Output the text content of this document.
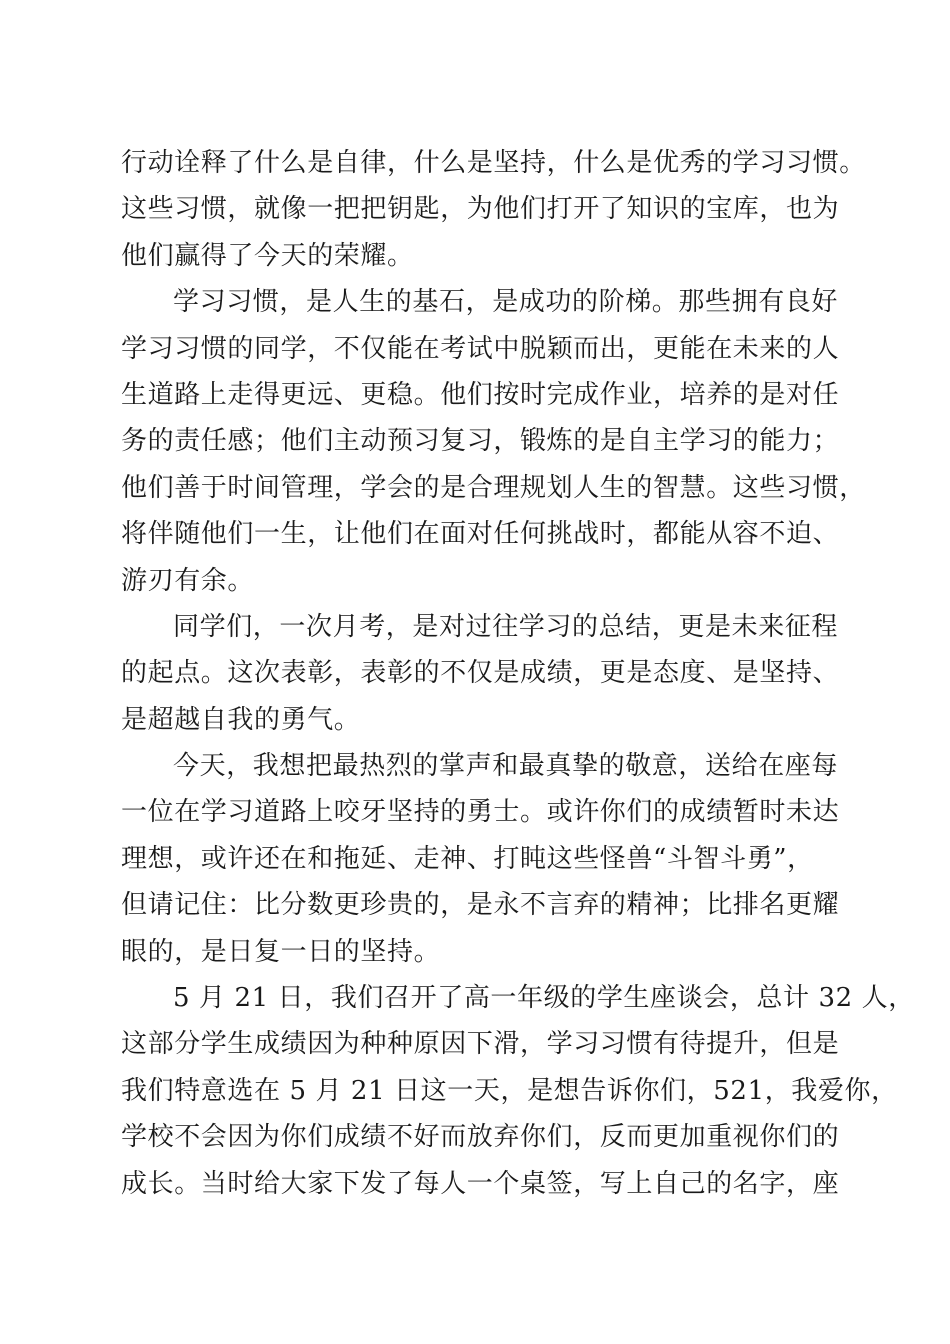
行动诠释了什么是自律，什么是坚持，什么是优秀的学习习惯。
这些习惯，就像一把把钥匙，为他们打开了知识的宝库，也为
他们赢得了今天的荣耀。
学习习惯，是人生的基石，是成功的阶梯。那些拥有良好
学习习惯的同学，不仅能在考试中脱颖而出，更能在未来的人
生道路上走得更远、更稳。他们按时完成作业，培养的是对任
务的责任感；他们主动预习复习，锻炼的是自主学习的能力；
他们善于时间管理，学会的是合理规划人生的智慧。这些习惯，
将伴随他们一生，让他们在面对任何挑战时，都能从容不迫、
游刃有余。
同学们，一次月考，是对过往学习的总结，更是未来征程
的起点。这次表彰，表彰的不仅是成绩，更是态度、是坚持、
是超越自我的勇气。
今天，我想把最热烈的掌声和最真挚的敬意，送给在座每
一位在学习道路上咬牙坚持的勇士。或许你们的成绩暂时未达
理想，或许还在和拖延、走神、打盹这些怪兽“斗智斗勇”，
但请记住：比分数更珍贵的，是永不言弃的精神；比排名更耀
眼的，是日复一日的坚持。
5 月 21 日，我们召开了高一年级的学生座谈会，总计 32 人，
这部分学生成绩因为种种原因下滑，学习习惯有待提升，但是
我们特意选在 5 月 21 日这一天，是想告诉你们，521，我爱你，
学校不会因为你们成绩不好而放弃你们，反而更加重视你们的
成长。当时给大家下发了每人一个桌签，写上自己的名字，座
